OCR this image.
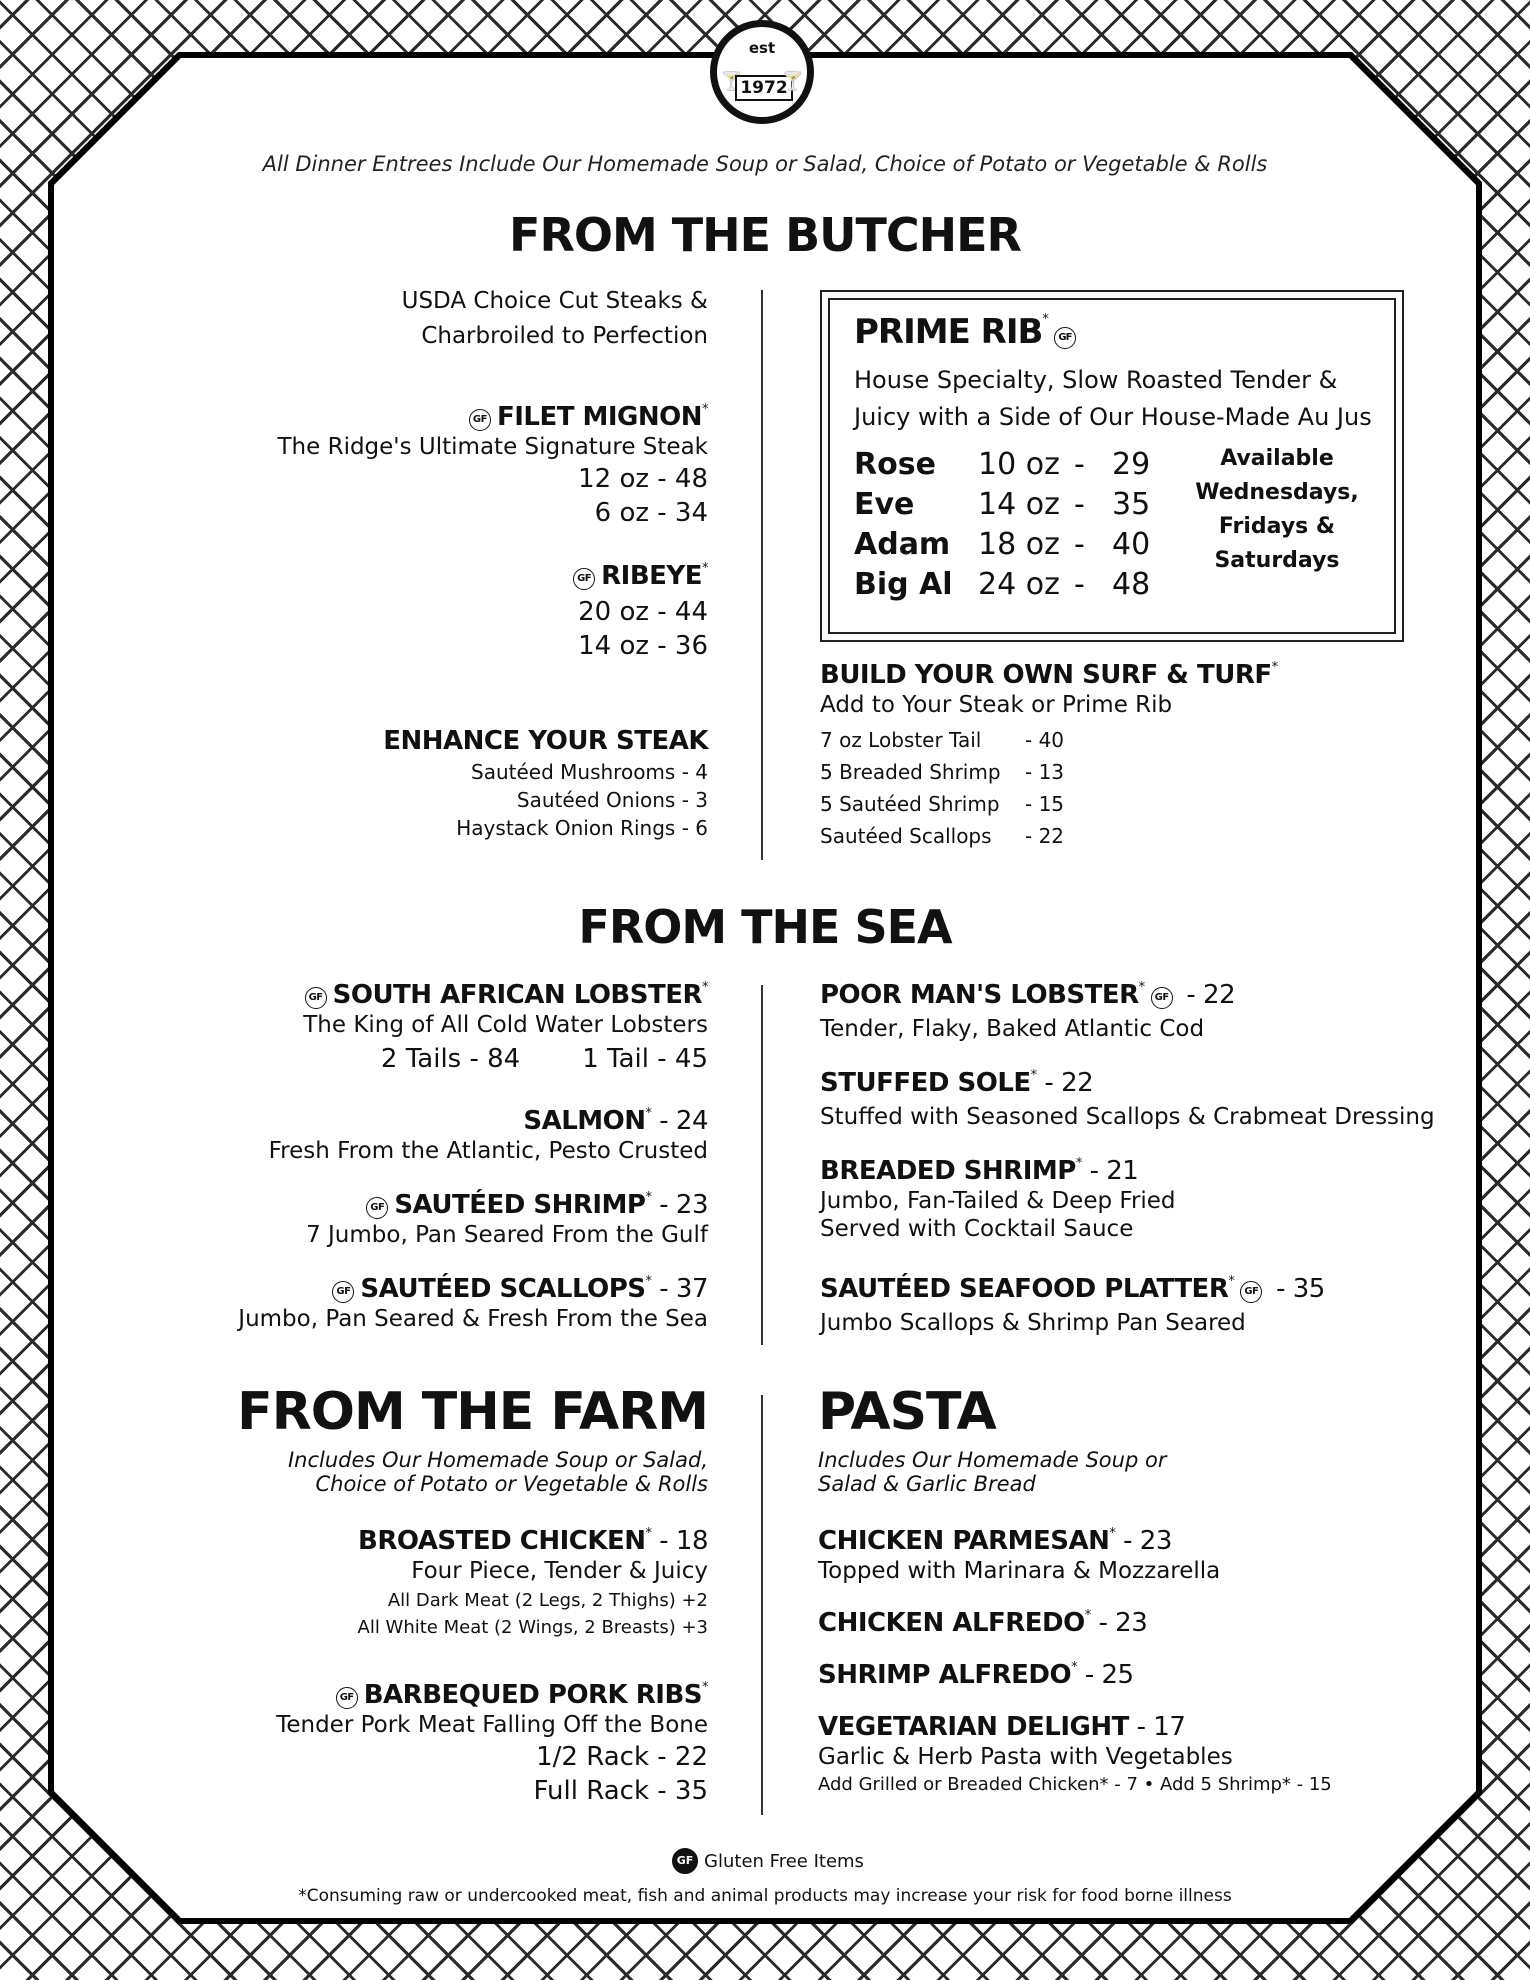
est
🍸
1972
🍸
All Dinner Entrees Include Our Homemade Soup or Salad, Choice of Potato or Vegetable & Rolls
FROM THE BUTCHER
USDA Choice Cut Steaks &
Charbroiled to Perfection
GF FILET MIGNON*
The Ridge's Ultimate Signature Steak
12 oz - 48
6 oz - 34
GF RIBEYE*
20 oz - 44
14 oz - 36
ENHANCE YOUR STEAK
Sautéed Mushrooms - 4
Sautéed Onions - 3
Haystack Onion Rings - 6
PRIME RIB*GF
House Specialty, Slow Roasted Tender &
Juicy with a Side of Our House-Made Au Jus
Rose 10 oz - 29
Eve 14 oz - 35
Adam 18 oz - 40
Big Al 24 oz - 48
Available
Wednesdays,
Fridays &
Saturdays
BUILD YOUR OWN SURF & TURF*
Add to Your Steak or Prime Rib
7 oz Lobster Tail - 40
5 Breaded Shrimp - 13
5 Sautéed Shrimp - 15
Sautéed Scallops - 22
FROM THE SEA
GF SOUTH AFRICAN LOBSTER*
The King of All Cold Water Lobsters
2 Tails - 84 1 Tail - 45
SALMON* - 24
Fresh From the Atlantic, Pesto Crusted
GF SAUTÉED SHRIMP* - 23
7 Jumbo, Pan Seared From the Gulf
GF SAUTÉED SCALLOPS* - 37
Jumbo, Pan Seared & Fresh From the Sea
POOR MAN'S LOBSTER*GF - 22
Tender, Flaky, Baked Atlantic Cod
STUFFED SOLE* - 22
Stuffed with Seasoned Scallops & Crabmeat Dressing
BREADED SHRIMP* - 21
Jumbo, Fan-Tailed & Deep Fried
Served with Cocktail Sauce
SAUTÉED SEAFOOD PLATTER*GF - 35
Jumbo Scallops & Shrimp Pan Seared
FROM THE FARM
Includes Our Homemade Soup or Salad,
Choice of Potato or Vegetable & Rolls
BROASTED CHICKEN* - 18
Four Piece, Tender & Juicy
All Dark Meat (2 Legs, 2 Thighs) +2
All White Meat (2 Wings, 2 Breasts) +3
GF BARBEQUED PORK RIBS*
Tender Pork Meat Falling Off the Bone
1/2 Rack - 22
Full Rack - 35
PASTA
Includes Our Homemade Soup or
Salad & Garlic Bread
CHICKEN PARMESAN* - 23
Topped with Marinara & Mozzarella
CHICKEN ALFREDO* - 23
SHRIMP ALFREDO* - 25
VEGETARIAN DELIGHT - 17
Garlic & Herb Pasta with Vegetables
Add Grilled or Breaded Chicken* - 7 • Add 5 Shrimp* - 15
GF Gluten Free Items
*Consuming raw or undercooked meat, fish and animal products may increase your risk for food borne illness
